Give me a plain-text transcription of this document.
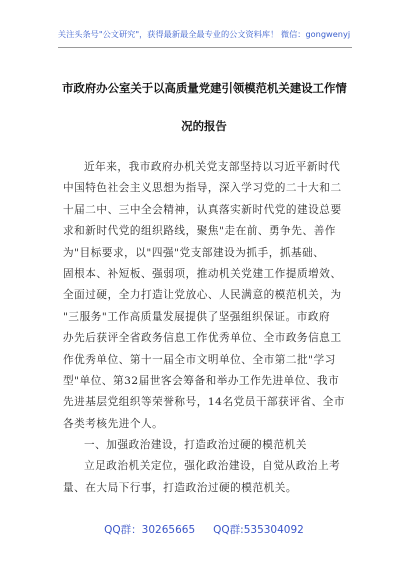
关注头条号"公文研究"，获得最新最全最专业的公文资料库！ 微信：gongwenyj
市政府办公室关于以高质量党建引领模范机关建设工作情
况的报告
近年来，我市政府办机关党支部坚持以习近平新时代
中国特色社会主义思想为指导，深入学习党的二十大和二
十届二中、三中全会精神，认真落实新时代党的建设总要
求和新时代党的组织路线，聚焦"走在前、勇争先、善作
为"目标要求，以"四强"党支部建设为抓手，抓基础、
固根本、补短板、强弱项，推动机关党建工作提质增效、
全面过硬，全力打造让党放心、人民满意的模范机关，为
"三服务"工作高质量发展提供了坚强组织保证。市政府
办先后获评全省政务信息工作优秀单位、全市政务信息工
作优秀单位、第十一届全市文明单位、全市第二批"学习
型"单位、第32届世客会筹备和举办工作先进单位、我市
先进基层党组织等荣誉称号，14名党员干部获评省、全市
各类考核先进个人。
一、加强政治建设，打造政治过硬的模范机关
立足政治机关定位，强化政治建设，自觉从政治上考
量、在大局下行事，打造政治过硬的模范机关。
QQ群：30265665 QQ群:535304092
